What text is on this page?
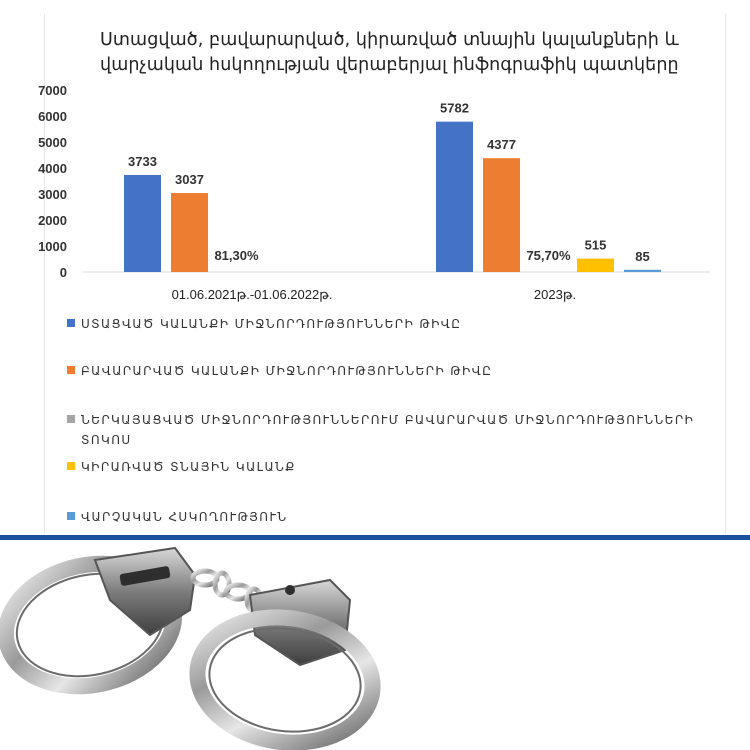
Ստացված, բավարարված, կիրառված տնային կալանքների և
վարչական հսկողության վերաբերյալ ինֆոգրաֆիկ պատկերը
0
1000
2000
3000
4000
5000
6000
7000
01.06.2021թ.-01.06.2022թ.
3733
3037
81,30%
2023թ.
5782
4377
75,70%
515
85
ՍՏԱՑՎԱԾ ԿԱԼԱՆՔԻ ՄԻՋՆՈՐԴՈՒԹՅՈՒՆՆԵՐԻ ԹԻՎԸ
ԲԱՎԱՐԱՐՎԱԾ ԿԱԼԱՆՔԻ ՄԻՋՆՈՐԴՈՒԹՅՈՒՆՆԵՐԻ ԹԻՎԸ
ՆԵՐԿԱՅԱՑՎԱԾ ՄԻՋՆՈՐԴՈՒԹՅՈՒՆՆԵՐՈՒՄ ԲԱՎԱՐԱՐՎԱԾ ՄԻՋՆՈՐԴՈՒԹՅՈՒՆՆԵՐԻ ՏՈԿՈՍ
ԿԻՐԱՌՎԱԾ ՏՆԱՅԻՆ ԿԱԼԱՆՔ
ՎԱՐՉԱԿԱՆ ՀՍԿՈՂՈՒԹՅՈՒՆ
